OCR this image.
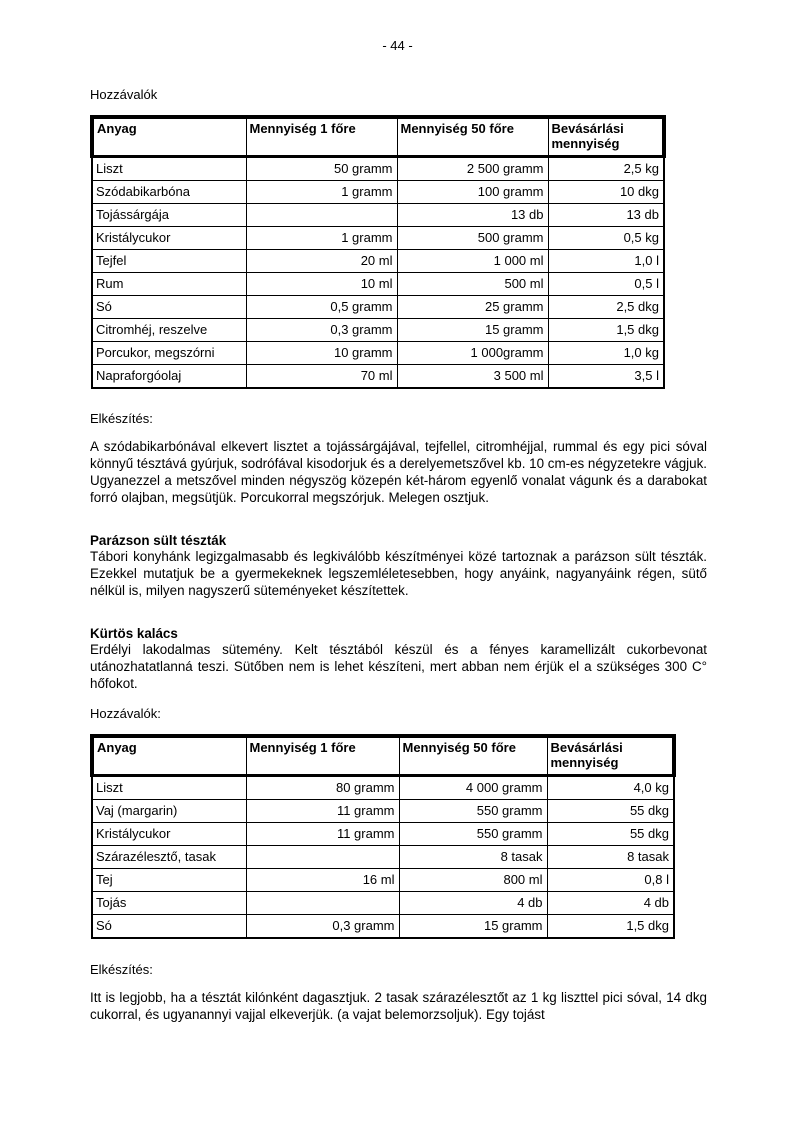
- 44 -

Hozzávalók

Anyag	Mennyiség 1 főre	Mennyiség 50 főre	Bevásárlási mennyiség
Liszt	50 gramm	2 500 gramm	2,5 kg
Szódabikarbóna	1 gramm	100 gramm	10 dkg
Tojássárgája		13 db	13 db
Kristálycukor	1 gramm	500 gramm	0,5 kg
Tejfel	20 ml	1 000 ml	1,0 l
Rum	10 ml	500 ml	0,5 l
Só	0,5 gramm	25 gramm	2,5 dkg
Citromhéj, reszelve	0,3 gramm	15 gramm	1,5 dkg
Porcukor, megszórni	10 gramm	1 000gramm	1,0 kg
Napraforgóolaj	70 ml	3 500 ml	3,5 l

Elkészítés:

A szódabikarbónával elkevert lisztet a tojássárgájával, tejfellel, citromhéjjal, rummal és egy pici sóval könnyű tésztává gyúrjuk, sodrófával kisodorjuk és a derelyemetszővel kb. 10 cm-es négyzetekre vágjuk.

Ugyanezzel a metszővel minden négyszög közepén két-három egyenlő vonalat vágunk és a darabokat forró olajban, megsütjük. Porcukorral megszórjuk. Melegen osztjuk.

Parázson sült tészták

Tábori konyhánk legizgalmasabb és legkiválóbb készítményei közé tartoznak a parázson sült tészták. Ezekkel mutatjuk be a gyermekeknek legszemléletesebben, hogy anyáink, nagyanyáink régen, sütő nélkül is, milyen nagyszerű süteményeket készítettek.

Kürtös kalács

Erdélyi lakodalmas sütemény. Kelt tésztából készül és a fényes karamellizált cukorbevonat utánozhatatlanná teszi. Sütőben nem is lehet készíteni, mert abban nem érjük el a szükséges 300 C° hőfokot.

Hozzávalók:

Anyag	Mennyiség 1 főre	Mennyiség 50 főre	Bevásárlási mennyiség
Liszt	80 gramm	4 000 gramm	4,0 kg
Vaj (margarin)	11 gramm	550 gramm	55 dkg
Kristálycukor	11 gramm	550 gramm	55 dkg
Szárazélesztő, tasak		8 tasak	8 tasak
Tej	16 ml	800 ml	0,8 l
Tojás		4 db	4 db
Só	0,3 gramm	15 gramm	1,5 dkg

Elkészítés:

Itt is legjobb, ha a tésztát kilónként dagasztjuk. 2 tasak szárazélesztőt az 1 kg liszttel pici sóval, 14 dkg cukorral, és ugyanannyi vajjal elkeverjük. (a vajat belemorzsoljuk). Egy tojást
